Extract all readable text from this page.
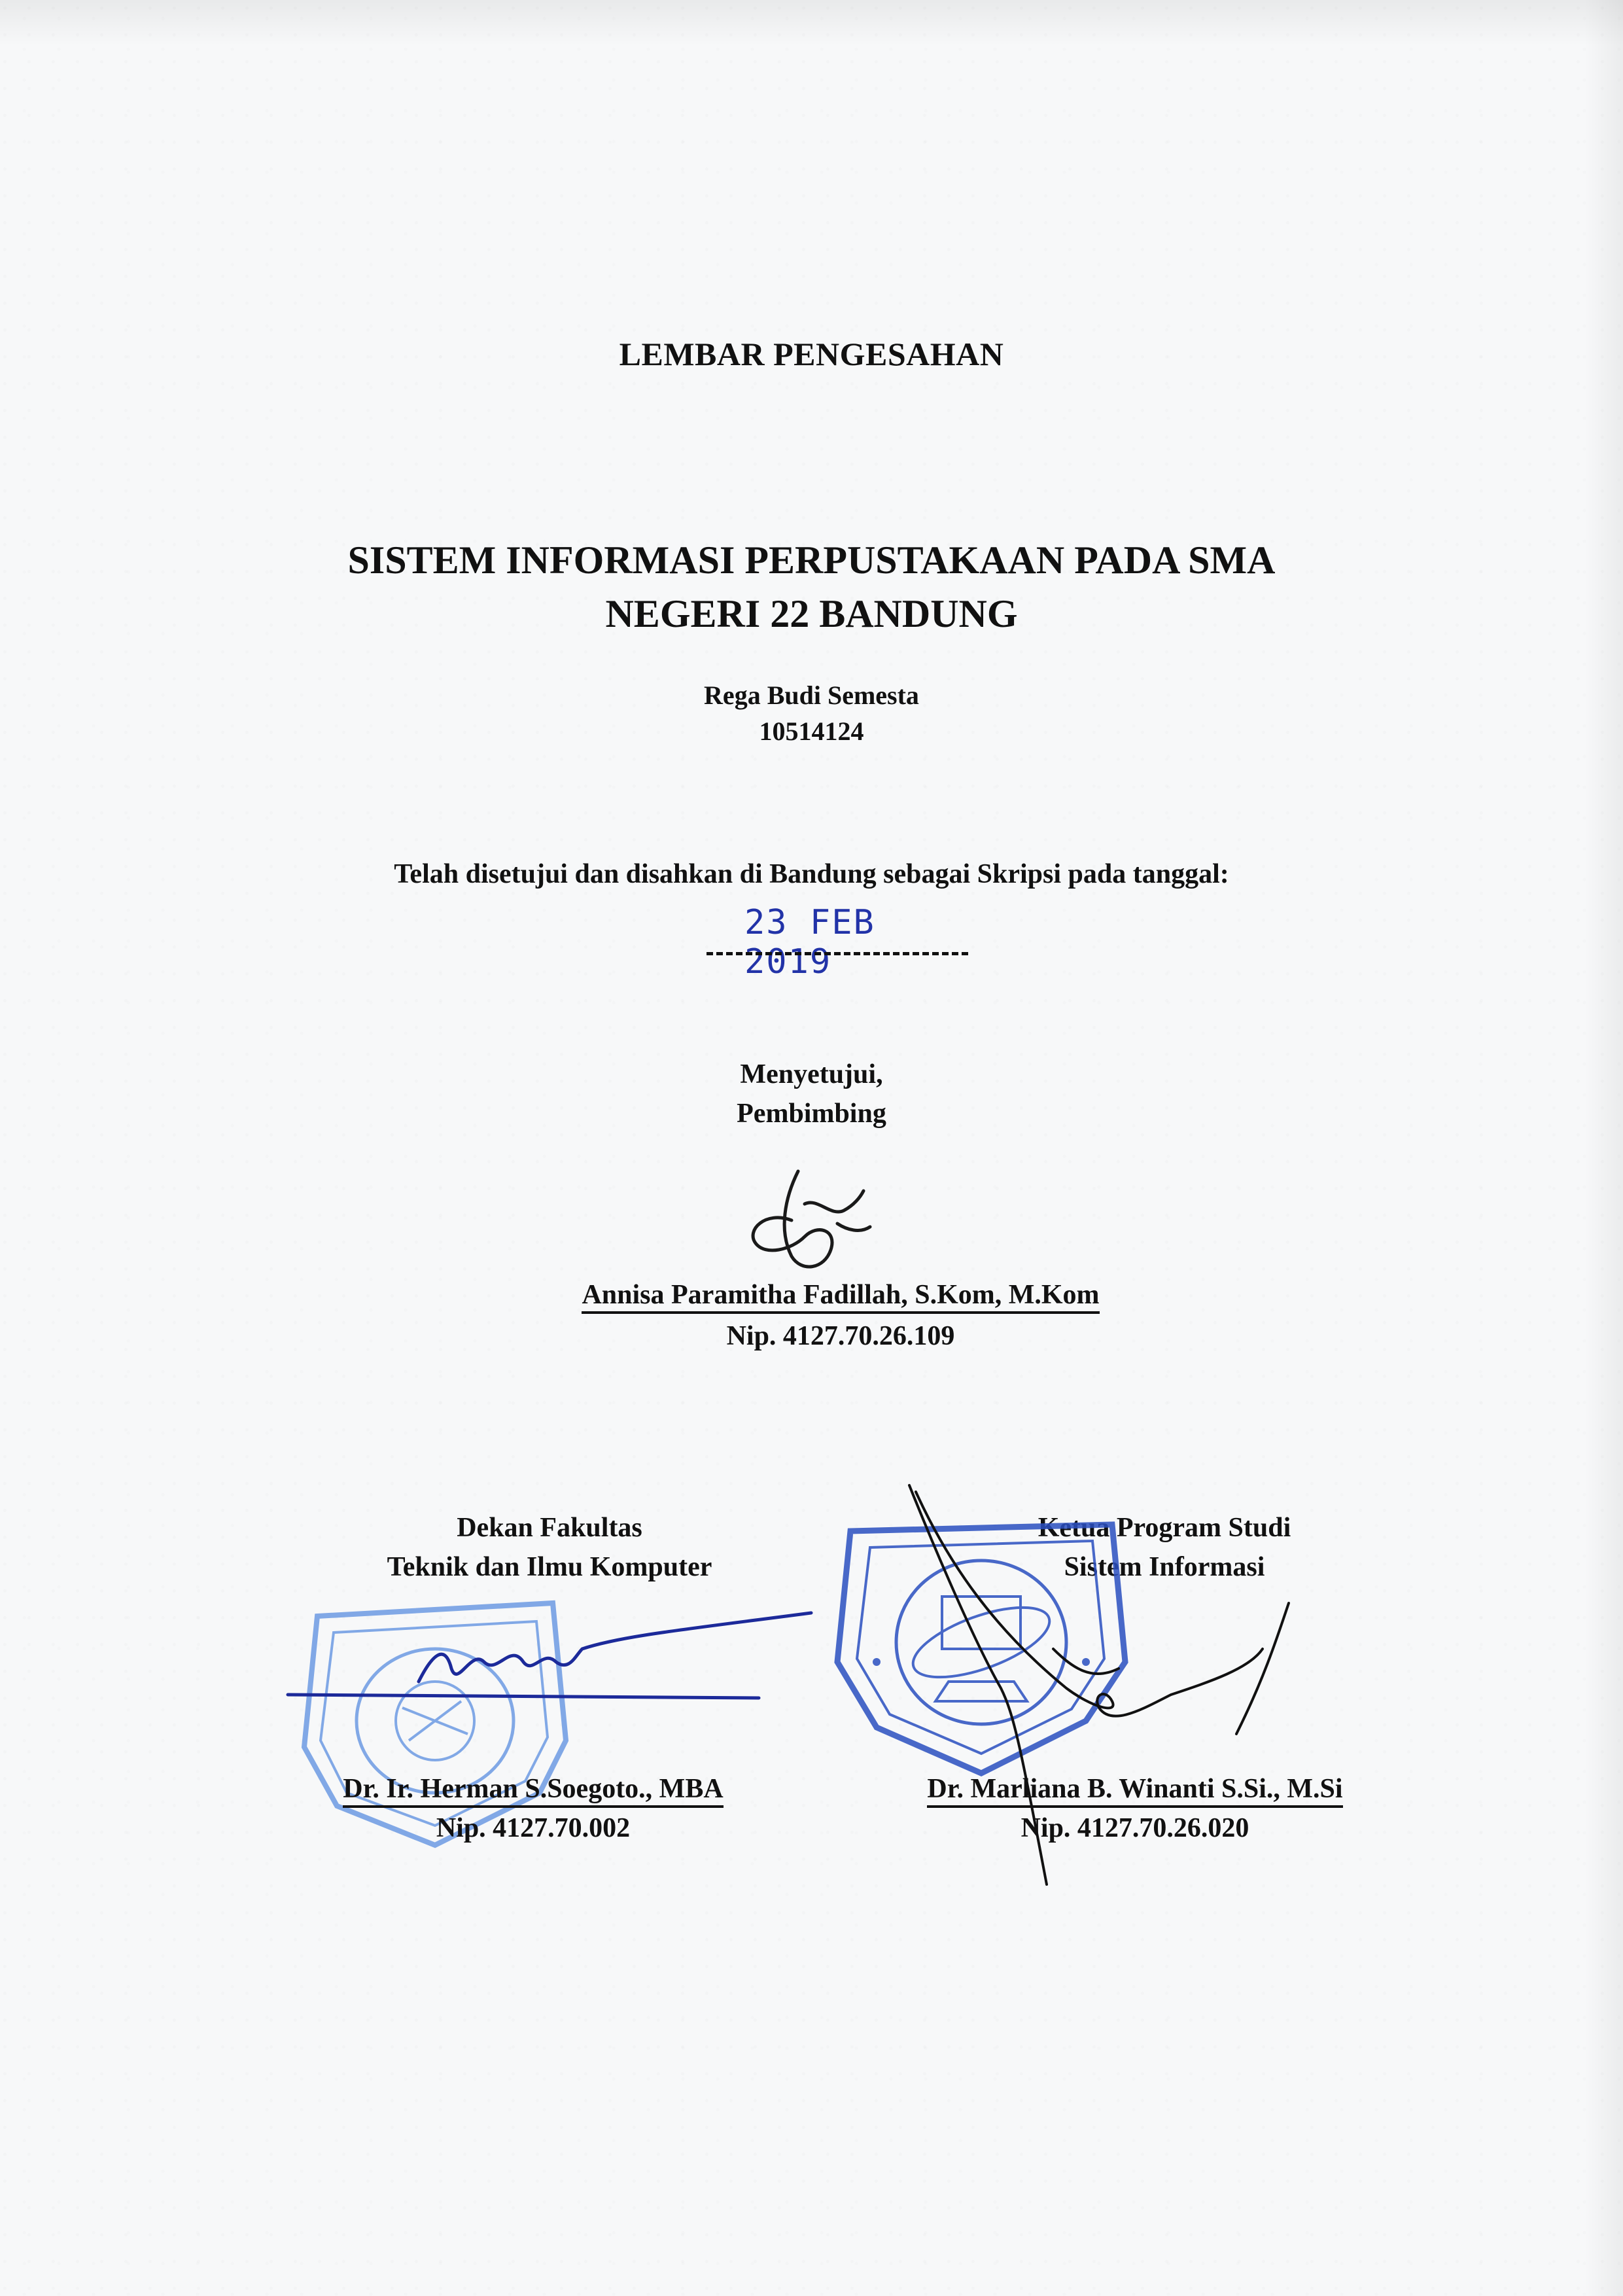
LEMBAR PENGESAHAN
SISTEM INFORMASI PERPUSTAKAAN PADA SMA
NEGERI 22 BANDUNG
Rega Budi Semesta
10514124
Telah disetujui dan disahkan di Bandung sebagai Skripsi pada tanggal:
23 FEB 2019
Menyetujui,
Pembimbing
Annisa Paramitha Fadillah, S.Kom, M.Kom
Nip. 4127.70.26.109
Dekan Fakultas
Teknik dan Ilmu Komputer
Dr. Ir. Herman S.Soegoto., MBA
Nip. 4127.70.002
Ketua Program Studi
Sistem Informasi
Dr. Marliana B. Winanti S.Si., M.Si
Nip. 4127.70.26.020
